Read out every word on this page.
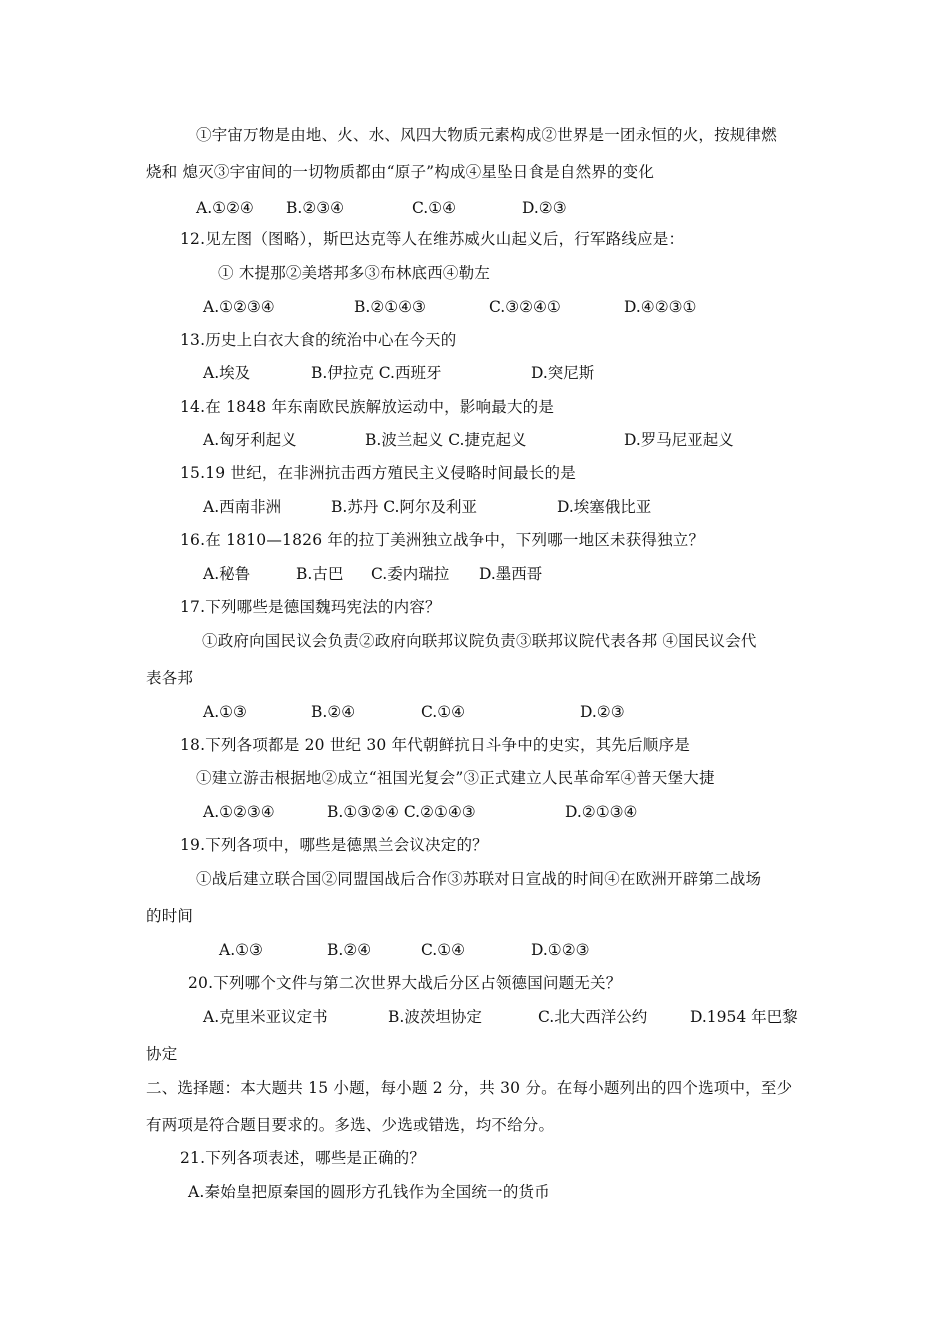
①宇宙万物是由地、火、水、风四大物质元素构成②世界是一团永恒的火，按规律燃
烧和 熄灭③宇宙间的一切物质都由“原子”构成④星坠日食是自然界的变化
A.①②④ B.②③④	C.①④	D.②③
12.见左图（图略），斯巴达克等人在维苏威火山起义后，行军路线应是：
① 木提那②美塔邦多③布林底西④勒左
A.①②③④	B.②①④③	C.③②④①	D.④②③①
13.历史上白衣大食的统治中心在今天的
A.埃及	B.伊拉克 C.西班牙	D.突尼斯
14.在 1848 年东南欧民族解放运动中，影响最大的是
A.匈牙利起义	B.波兰起义 C.捷克起义	D.罗马尼亚起义
15.19 世纪，在非洲抗击西方殖民主义侵略时间最长的是
A.西南非洲	B.苏丹 C.阿尔及利亚	D.埃塞俄比亚
16.在 1810—1826 年的拉丁美洲独立战争中，下列哪一地区未获得独立？
A.秘鲁	B.古巴 C.委内瑞拉 D.墨西哥
17.下列哪些是德国魏玛宪法的内容？
①政府向国民议会负责②政府向联邦议院负责③联邦议院代表各邦 ④国民议会代
表各邦
A.①③	B.②④	C.①④	D.②③
18.下列各项都是 20 世纪 30 年代朝鲜抗日斗争中的史实，其先后顺序是
①建立游击根据地②成立“祖国光复会”③正式建立人民革命军④普天堡大捷
A.①②③④	B.①③②④ C.②①④③	D.②①③④
19.下列各项中，哪些是德黑兰会议决定的？
①战后建立联合国②同盟国战后合作③苏联对日宣战的时间④在欧洲开辟第二战场
的时间
A.①③	B.②④	C.①④	D.①②③
20.下列哪个文件与第二次世界大战后分区占领德国问题无关？
A.克里米亚议定书	B.波茨坦协定	C.北大西洋公约	D.1954 年巴黎
协定
二、选择题：本大题共 15 小题，每小题 2 分，共 30 分。在每小题列出的四个选项中，至少
有两项是符合题目要求的。多选、少选或错选，均不给分。
21.下列各项表述，哪些是正确的？
A.秦始皇把原秦国的圆形方孔钱作为全国统一的货币
